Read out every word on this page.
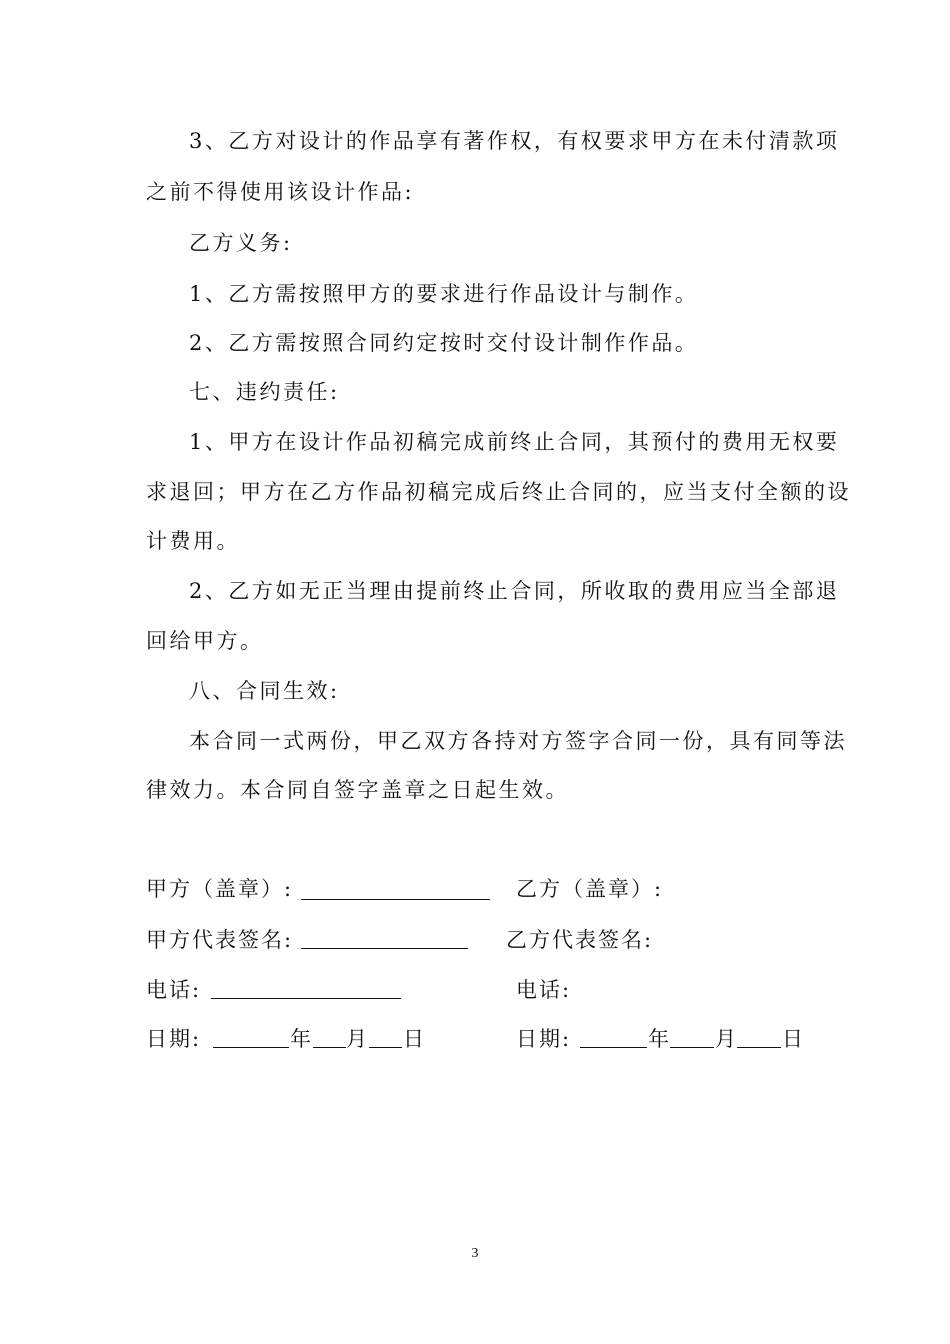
3、乙方对设计的作品享有著作权，有权要求甲方在未付清款项
之前不得使用该设计作品:
乙方义务:
1、乙方需按照甲方的要求进行作品设计与制作。
2、乙方需按照合同约定按时交付设计制作作品。
七、违约责任:
1、甲方在设计作品初稿完成前终止合同，其预付的费用无权要
求退回；甲方在乙方作品初稿完成后终止合同的，应当支付全额的设
计费用。
2、乙方如无正当理由提前终止合同，所收取的费用应当全部退
回给甲方。
八、合同生效:
本合同一式两份，甲乙双方各持对方签字合同一份，具有同等法
律效力。本合同自签字盖章之日起生效。
甲方（盖章）:	乙方（盖章）:
甲方代表签名:	乙方代表签名:
电话:	电话:
日期:	年 月 日	日期:	年 月 日
3
